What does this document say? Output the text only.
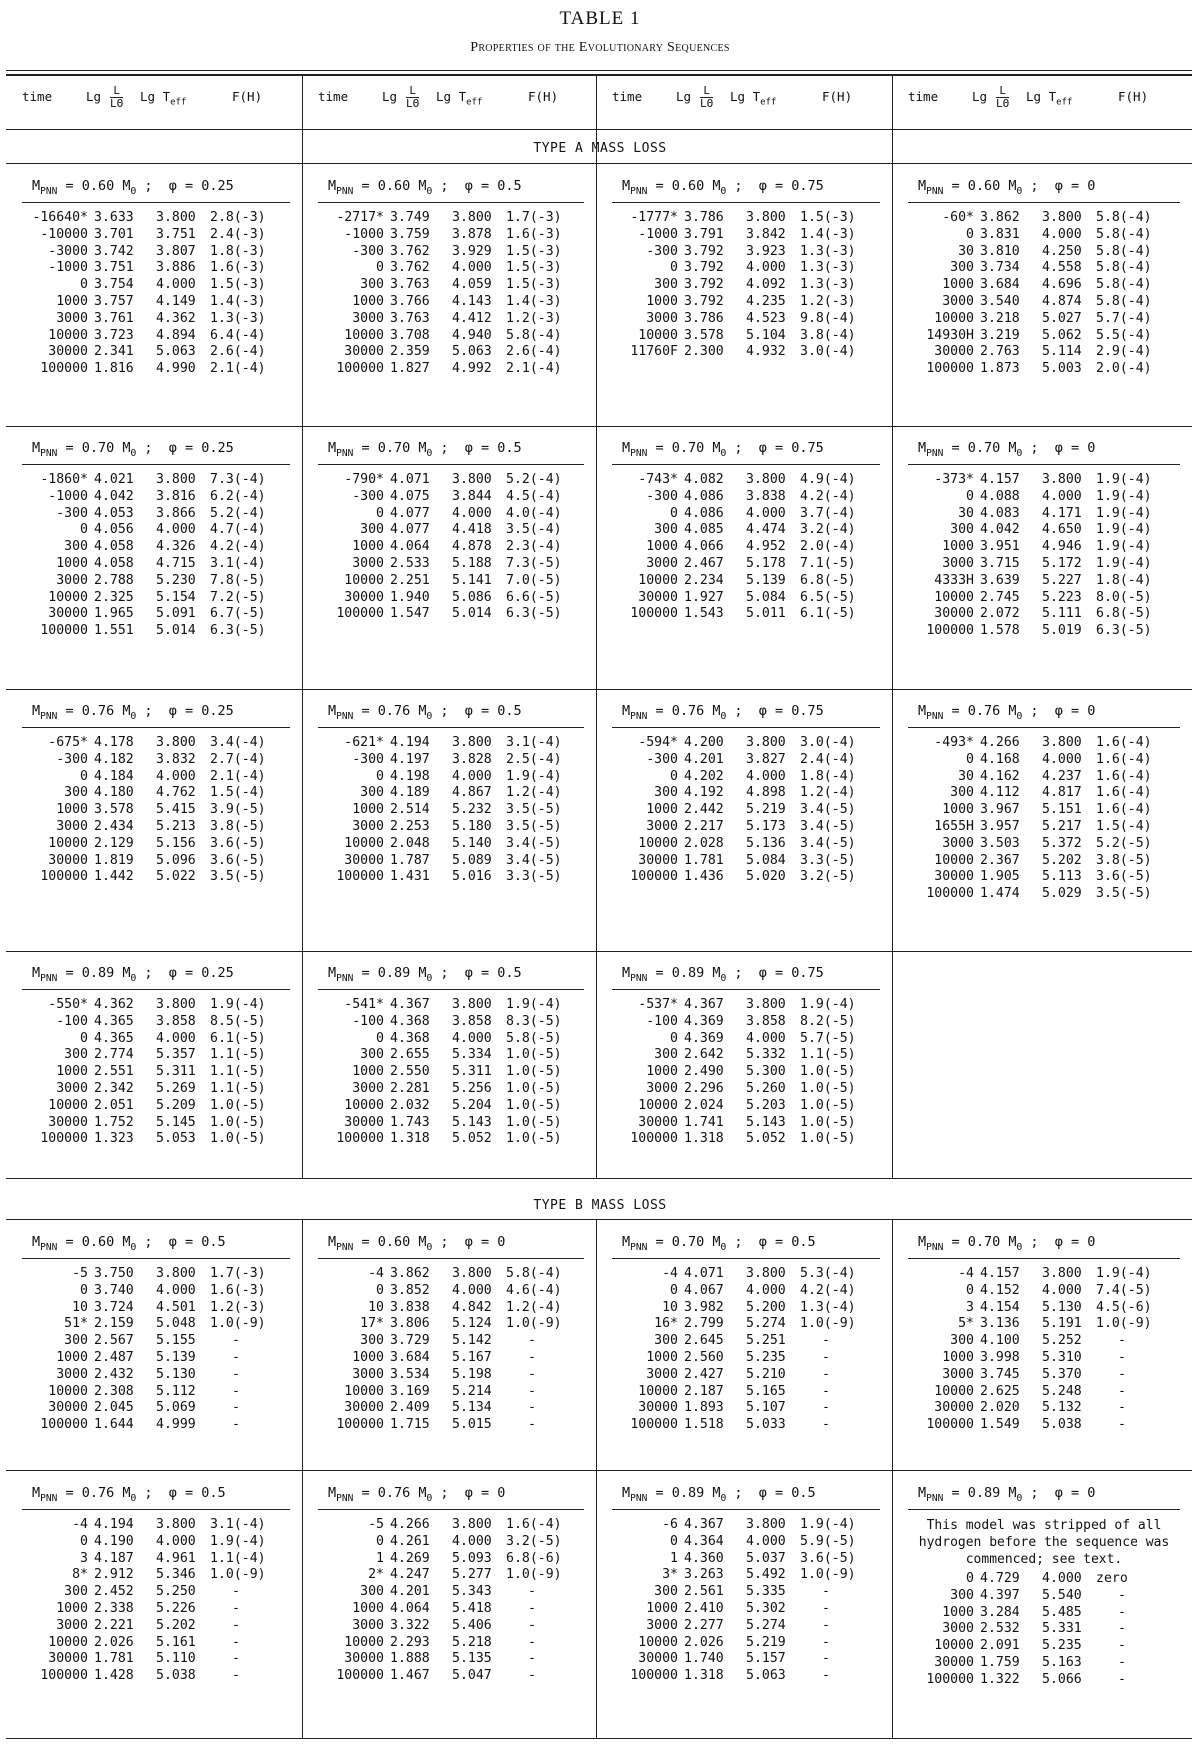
TABLE 1
Properties of the Evolutionary Sequences
time	Lg $\frac{L}{L\Theta}$ Lg $T_{eff}$	F(H)	time	Lg $\frac{L}{L\Theta}$ Lg $T_{eff}$	F(H)	time	Lg $\frac{L}{L\Theta}$ Lg $T_{eff}$	F(H)	time	Lg $\frac{L}{L\Theta}$ Lg $T_{eff}$	F(H)
TYPE A MASS LOSS
TYPE B MASS LOSS
$M_{PNN} = 0.60$ $M_\Theta$ ;  φ = 0.25
-16640* 3.633	3.800	2.8(-3)
-10000 3.701	3.751	2.4(-3)
-3000 3.742	3.807	1.8(-3)
-1000 3.751	3.886	1.6(-3)
0 3.754	4.000	1.5(-3)
1000 3.757	4.149	1.4(-3)
3000 3.761	4.362	1.3(-3)
10000 3.723	4.894	6.4(-4)
30000 2.341	5.063	2.6(-4)
100000 1.816	4.990	2.1(-4)
$M_{PNN} = 0.60$ $M_\Theta$ ;  φ = 0.5
-2717* 3.749	3.800	1.7(-3)
-1000 3.759	3.878	1.6(-3)
-300 3.762	3.929	1.5(-3)
0 3.762	4.000	1.5(-3)
300 3.763	4.059	1.5(-3)
1000 3.766	4.143	1.4(-3)
3000 3.763	4.412	1.2(-3)
10000 3.708	4.940	5.8(-4)
30000 2.359	5.063	2.6(-4)
100000 1.827	4.992	2.1(-4)
$M_{PNN} = 0.60$ $M_\Theta$ ;  φ = 0.75
-1777* 3.786	3.800	1.5(-3)
-1000 3.791	3.842	1.4(-3)
-300 3.792	3.923	1.3(-3)
0 3.792	4.000	1.3(-3)
300 3.792	4.092	1.3(-3)
1000 3.792	4.235	1.2(-3)
3000 3.786	4.523	9.8(-4)
10000 3.578	5.104	3.8(-4)
11760F 2.300	4.932	3.0(-4)
$M_{PNN} = 0.60$ $M_\Theta$ ;  φ = 0
-60* 3.862	3.800	5.8(-4)
0 3.831	4.000	5.8(-4)
30 3.810	4.250	5.8(-4)
300 3.734	4.558	5.8(-4)
1000 3.684	4.696	5.8(-4)
3000 3.540	4.874	5.8(-4)
10000 3.218	5.027	5.7(-4)
14930H 3.219	5.062	5.5(-4)
30000 2.763	5.114	2.9(-4)
100000 1.873	5.003	2.0(-4)
$M_{PNN} = 0.70$ $M_\Theta$ ;  φ = 0.25
-1860* 4.021	3.800	7.3(-4)
-1000 4.042	3.816	6.2(-4)
-300 4.053	3.866	5.2(-4)
0 4.056	4.000	4.7(-4)
300 4.058	4.326	4.2(-4)
1000 4.058	4.715	3.1(-4)
3000 2.788	5.230	7.8(-5)
10000 2.325	5.154	7.2(-5)
30000 1.965	5.091	6.7(-5)
100000 1.551	5.014	6.3(-5)
$M_{PNN} = 0.70$ $M_\Theta$ ;  φ = 0.5
-790* 4.071	3.800	5.2(-4)
-300 4.075	3.844	4.5(-4)
0 4.077	4.000	4.0(-4)
300 4.077	4.418	3.5(-4)
1000 4.064	4.878	2.3(-4)
3000 2.533	5.188	7.3(-5)
10000 2.251	5.141	7.0(-5)
30000 1.940	5.086	6.6(-5)
100000 1.547	5.014	6.3(-5)
$M_{PNN} = 0.70$ $M_\Theta$ ;  φ = 0.75
-743* 4.082	3.800	4.9(-4)
-300 4.086	3.838	4.2(-4)
0 4.086	4.000	3.7(-4)
300 4.085	4.474	3.2(-4)
1000 4.066	4.952	2.0(-4)
3000 2.467	5.178	7.1(-5)
10000 2.234	5.139	6.8(-5)
30000 1.927	5.084	6.5(-5)
100000 1.543	5.011	6.1(-5)
$M_{PNN} = 0.70$ $M_\Theta$ ;  φ = 0
-373* 4.157	3.800	1.9(-4)
0 4.088	4.000	1.9(-4)
30 4.083	4.171	1.9(-4)
300 4.042	4.650	1.9(-4)
1000 3.951	4.946	1.9(-4)
3000 3.715	5.172	1.9(-4)
4333H 3.639	5.227	1.8(-4)
10000 2.745	5.223	8.0(-5)
30000 2.072	5.111	6.8(-5)
100000 1.578	5.019	6.3(-5)
$M_{PNN} = 0.76$ $M_\Theta$ ;  φ = 0.25
-675* 4.178	3.800	3.4(-4)
-300 4.182	3.832	2.7(-4)
0 4.184	4.000	2.1(-4)
300 4.180	4.762	1.5(-4)
1000 3.578	5.415	3.9(-5)
3000 2.434	5.213	3.8(-5)
10000 2.129	5.156	3.6(-5)
30000 1.819	5.096	3.6(-5)
100000 1.442	5.022	3.5(-5)
$M_{PNN} = 0.76$ $M_\Theta$ ;  φ = 0.5
-621* 4.194	3.800	3.1(-4)
-300 4.197	3.828	2.5(-4)
0 4.198	4.000	1.9(-4)
300 4.189	4.867	1.2(-4)
1000 2.514	5.232	3.5(-5)
3000 2.253	5.180	3.5(-5)
10000 2.048	5.140	3.4(-5)
30000 1.787	5.089	3.4(-5)
100000 1.431	5.016	3.3(-5)
$M_{PNN} = 0.76$ $M_\Theta$ ;  φ = 0.75
-594* 4.200	3.800	3.0(-4)
-300 4.201	3.827	2.4(-4)
0 4.202	4.000	1.8(-4)
300 4.192	4.898	1.2(-4)
1000 2.442	5.219	3.4(-5)
3000 2.217	5.173	3.4(-5)
10000 2.028	5.136	3.4(-5)
30000 1.781	5.084	3.3(-5)
100000 1.436	5.020	3.2(-5)
$M_{PNN} = 0.76$ $M_\Theta$ ;  φ = 0
-493* 4.266	3.800	1.6(-4)
0 4.168	4.000	1.6(-4)
30 4.162	4.237	1.6(-4)
300 4.112	4.817	1.6(-4)
1000 3.967	5.151	1.6(-4)
1655H 3.957	5.217	1.5(-4)
3000 3.503	5.372	5.2(-5)
10000 2.367	5.202	3.8(-5)
30000 1.905	5.113	3.6(-5)
100000 1.474	5.029	3.5(-5)
$M_{PNN} = 0.89$ $M_\Theta$ ;  φ = 0.25
-550* 4.362	3.800	1.9(-4)
-100 4.365	3.858	8.5(-5)
0 4.365	4.000	6.1(-5)
300 2.774	5.357	1.1(-5)
1000 2.551	5.311	1.1(-5)
3000 2.342	5.269	1.1(-5)
10000 2.051	5.209	1.0(-5)
30000 1.752	5.145	1.0(-5)
100000 1.323	5.053	1.0(-5)
$M_{PNN} = 0.89$ $M_\Theta$ ;  φ = 0.5
-541* 4.367	3.800	1.9(-4)
-100 4.368	3.858	8.3(-5)
0 4.368	4.000	5.8(-5)
300 2.655	5.334	1.0(-5)
1000 2.550	5.311	1.0(-5)
3000 2.281	5.256	1.0(-5)
10000 2.032	5.204	1.0(-5)
30000 1.743	5.143	1.0(-5)
100000 1.318	5.052	1.0(-5)
$M_{PNN} = 0.89$ $M_\Theta$ ;  φ = 0.75
-537* 4.367	3.800	1.9(-4)
-100 4.369	3.858	8.2(-5)
0 4.369	4.000	5.7(-5)
300 2.642	5.332	1.1(-5)
1000 2.490	5.300	1.0(-5)
3000 2.296	5.260	1.0(-5)
10000 2.024	5.203	1.0(-5)
30000 1.741	5.143	1.0(-5)
100000 1.318	5.052	1.0(-5)
$M_{PNN} = 0.60$ $M_\Theta$ ;  φ = 0.5
-5 3.750	3.800	1.7(-3)
0 3.740	4.000	1.6(-3)
10 3.724	4.501	1.2(-3)
51* 2.159	5.048	1.0(-9)
300 2.567	5.155	-
1000 2.487	5.139	-
3000 2.432	5.130	-
10000 2.308	5.112	-
30000 2.045	5.069	-
100000 1.644	4.999	-
$M_{PNN} = 0.60$ $M_\Theta$ ;  φ = 0
-4 3.862	3.800	5.8(-4)
0 3.852	4.000	4.6(-4)
10 3.838	4.842	1.2(-4)
17* 3.806	5.124	1.0(-9)
300 3.729	5.142	-
1000 3.684	5.167	-
3000 3.534	5.198	-
10000 3.169	5.214	-
30000 2.409	5.134	-
100000 1.715	5.015	-
$M_{PNN} = 0.70$ $M_\Theta$ ;  φ = 0.5
-4 4.071	3.800	5.3(-4)
0 4.067	4.000	4.2(-4)
10 3.982	5.200	1.3(-4)
16* 2.799	5.274	1.0(-9)
300 2.645	5.251	-
1000 2.560	5.235	-
3000 2.427	5.210	-
10000 2.187	5.165	-
30000 1.893	5.107	-
100000 1.518	5.033	-
$M_{PNN} = 0.70$ $M_\Theta$ ;  φ = 0
-4 4.157	3.800	1.9(-4)
0 4.152	4.000	7.4(-5)
3 4.154	5.130	4.5(-6)
5* 3.136	5.191	1.0(-9)
300 4.100	5.252	-
1000 3.998	5.310	-
3000 3.745	5.370	-
10000 2.625	5.248	-
30000 2.020	5.132	-
100000 1.549	5.038	-
$M_{PNN} = 0.76$ $M_\Theta$ ;  φ = 0.5
-4 4.194	3.800	3.1(-4)
0 4.190	4.000	1.9(-4)
3 4.187	4.961	1.1(-4)
8* 2.912	5.346	1.0(-9)
300 2.452	5.250	-
1000 2.338	5.226	-
3000 2.221	5.202	-
10000 2.026	5.161	-
30000 1.781	5.110	-
100000 1.428	5.038	-
$M_{PNN} = 0.76$ $M_\Theta$ ;  φ = 0
-5 4.266	3.800	1.6(-4)
0 4.261	4.000	3.2(-5)
1 4.269	5.093	6.8(-6)
2* 4.247	5.277	1.0(-9)
300 4.201	5.343	-
1000 4.064	5.418	-
3000 3.322	5.406	-
10000 2.293	5.218	-
30000 1.888	5.135	-
100000 1.467	5.047	-
$M_{PNN} = 0.89$ $M_\Theta$ ;  φ = 0.5
-6 4.367	3.800	1.9(-4)
0 4.364	4.000	5.9(-5)
1 4.360	5.037	3.6(-5)
3* 3.263	5.492	1.0(-9)
300 2.561	5.335	-
1000 2.410	5.302	-
3000 2.277	5.274	-
10000 2.026	5.219	-
30000 1.740	5.157	-
100000 1.318	5.063	-
$M_{PNN} = 0.89$ $M_\Theta$ ;  φ = 0
This model was stripped of all hydrogen before the sequence was commenced; see text.
0 4.729	4.000	zero
300 4.397	5.540	-
1000 3.284	5.485	-
3000 2.532	5.331	-
10000 2.091	5.235	-
30000 1.759	5.163	-
100000 1.322	5.066	-
